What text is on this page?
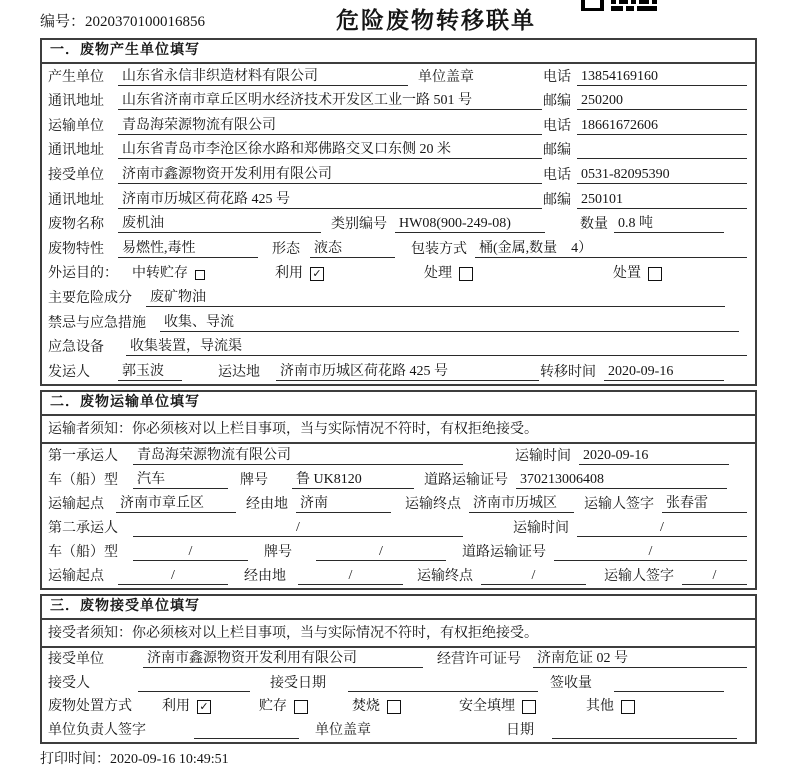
编号：2020370100016856	危险废物转移联单
一．废物产生单位填写
产生单位	山东省永信非织造材料有限公司	单位盖章	电话 13854169160
通讯地址	山东省济南市章丘区明水经济技术开发区工业一路 501 号	邮编 250200
运输单位	青岛海荣源物流有限公司	电话 18661672606
通讯地址	山东省青岛市李沧区徐水路和郑佛路交叉口东侧 20 米	邮编
接受单位	济南市鑫源物资开发利用有限公司	电话 0531-82095390
通讯地址	济南市历城区荷花路 425 号	邮编 250101
废物名称	废机油	类别编号 HW08(900-249-08)	数量 0.8 吨
废物特性	易燃性,毒性	形态 液态	包装方式 桶(金属,数量　4）
外运目的： 中转贮存	利用 ✓	处理	处置
主要危险成分 废矿物油
禁忌与应急措施 收集、导流
应急设备 收集装置，导流渠
发运人	郭玉波	运达地 济南市历城区荷花路 425 号	转移时间 2020-09-16
二．废物运输单位填写
运输者须知：你必须核对以上栏目事项，当与实际情况不符时，有权拒绝接受。
第一承运人	青岛海荣源物流有限公司	运输时间 2020-09-16
车（船）型	汽车	牌号 鲁 UK8120	道路运输证号 370213006408
运输起点	济南市章丘区	经由地 济南	运输终点 济南市历城区	运输人签字 张春雷
第二承运人	/	运输时间	/
车（船）型	/	牌号	/	道路运输证号	/
运输起点	/	经由地	/	运输终点	/	运输人签字	/
三．废物接受单位填写
接受者须知：你必须核对以上栏目事项，当与实际情况不符时，有权拒绝接受。
接受单位	济南市鑫源物资开发利用有限公司	经营许可证号 济南危证 02 号
接受人	接受日期	签收量
废物处置方式 利用 ✓	贮存	焚烧	安全填埋	其他
单位负责人签字	单位盖章	日期
打印时间：2020-09-16 10:49:51
